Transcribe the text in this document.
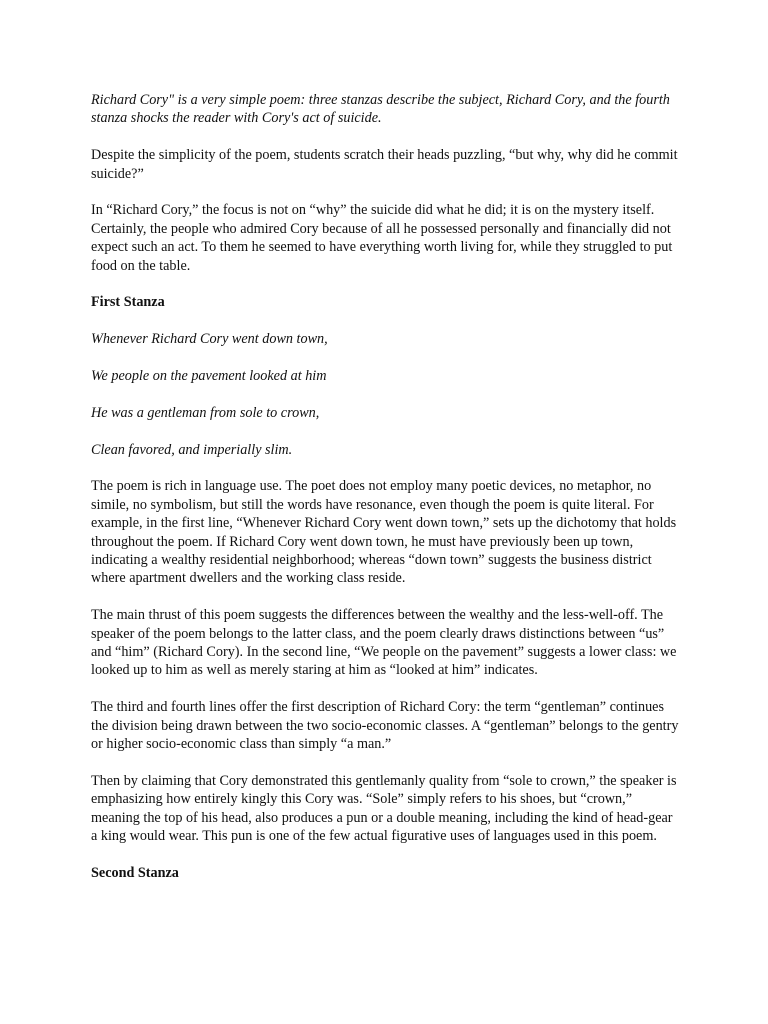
Richard Cory" is a very simple poem: three stanzas describe the subject, Richard Cory, and the fourth stanza shocks the reader with Cory's act of suicide.

Despite the simplicity of the poem, students scratch their heads puzzling, “but why, why did he commit suicide?”

In “Richard Cory,” the focus is not on “why” the suicide did what he did; it is on the mystery itself. Certainly, the people who admired Cory because of all he possessed personally and financially did not expect such an act. To them he seemed to have everything worth living for, while they struggled to put food on the table.

First Stanza

Whenever Richard Cory went down town,

We people on the pavement looked at him

He was a gentleman from sole to crown,

Clean favored, and imperially slim.

The poem is rich in language use. The poet does not employ many poetic devices, no metaphor, no simile, no symbolism, but still the words have resonance, even though the poem is quite literal. For example, in the first line, “Whenever Richard Cory went down town,” sets up the dichotomy that holds throughout the poem. If Richard Cory went down town, he must have previously been up town, indicating a wealthy residential neighborhood; whereas “down town” suggests the business district where apartment dwellers and the working class reside.

The main thrust of this poem suggests the differences between the wealthy and the less-well-off. The speaker of the poem belongs to the latter class, and the poem clearly draws distinctions between “us” and “him” (Richard Cory). In the second line, “We people on the pavement” suggests a lower class: we looked up to him as well as merely staring at him as “looked at him” indicates.

The third and fourth lines offer the first description of Richard Cory: the term “gentleman” continues the division being drawn between the two socio-economic classes. A “gentleman” belongs to the gentry or higher socio-economic class than simply “a man.”

Then by claiming that Cory demonstrated this gentlemanly quality from “sole to crown,” the speaker is emphasizing how entirely kingly this Cory was. “Sole” simply refers to his shoes, but “crown,” meaning the top of his head, also produces a pun or a double meaning, including the kind of head-gear a king would wear. This pun is one of the few actual figurative uses of languages used in this poem.

Second Stanza
